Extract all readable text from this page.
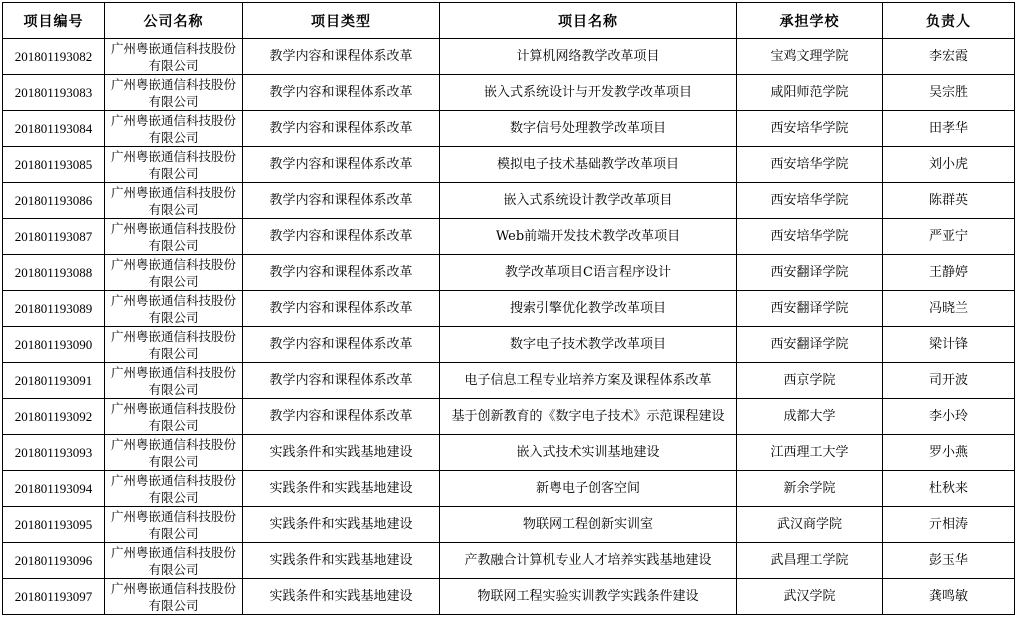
项目编号	公司名称	项目类型	项目名称	承担学校	负责人
201801193082	广州粤嵌通信科技股份有限公司	教学内容和课程体系改革	计算机网络教学改革项目	宝鸡文理学院	李宏霞
201801193083	广州粤嵌通信科技股份有限公司	教学内容和课程体系改革	嵌入式系统设计与开发教学改革项目	咸阳师范学院	吴宗胜
201801193084	广州粤嵌通信科技股份有限公司	教学内容和课程体系改革	数字信号处理教学改革项目	西安培华学院	田孝华
201801193085	广州粤嵌通信科技股份有限公司	教学内容和课程体系改革	模拟电子技术基础教学改革项目	西安培华学院	刘小虎
201801193086	广州粤嵌通信科技股份有限公司	教学内容和课程体系改革	嵌入式系统设计教学改革项目	西安培华学院	陈群英
201801193087	广州粤嵌通信科技股份有限公司	教学内容和课程体系改革	Web前端开发技术教学改革项目	西安培华学院	严亚宁
201801193088	广州粤嵌通信科技股份有限公司	教学内容和课程体系改革	教学改革项目C语言程序设计	西安翻译学院	王静婷
201801193089	广州粤嵌通信科技股份有限公司	教学内容和课程体系改革	搜索引擎优化教学改革项目	西安翻译学院	冯晓兰
201801193090	广州粤嵌通信科技股份有限公司	教学内容和课程体系改革	数字电子技术教学改革项目	西安翻译学院	梁计锋
201801193091	广州粤嵌通信科技股份有限公司	教学内容和课程体系改革	电子信息工程专业培养方案及课程体系改革	西京学院	司开波
201801193092	广州粤嵌通信科技股份有限公司	教学内容和课程体系改革	基于创新教育的《数字电子技术》示范课程建设	成都大学	李小玲
201801193093	广州粤嵌通信科技股份有限公司	实践条件和实践基地建设	嵌入式技术实训基地建设	江西理工大学	罗小燕
201801193094	广州粤嵌通信科技股份有限公司	实践条件和实践基地建设	新粤电子创客空间	新余学院	杜秋来
201801193095	广州粤嵌通信科技股份有限公司	实践条件和实践基地建设	物联网工程创新实训室	武汉商学院	亓相涛
201801193096	广州粤嵌通信科技股份有限公司	实践条件和实践基地建设	产教融合计算机专业人才培养实践基地建设	武昌理工学院	彭玉华
201801193097	广州粤嵌通信科技股份有限公司	实践条件和实践基地建设	物联网工程实验实训教学实践条件建设	武汉学院	龚鸣敏
